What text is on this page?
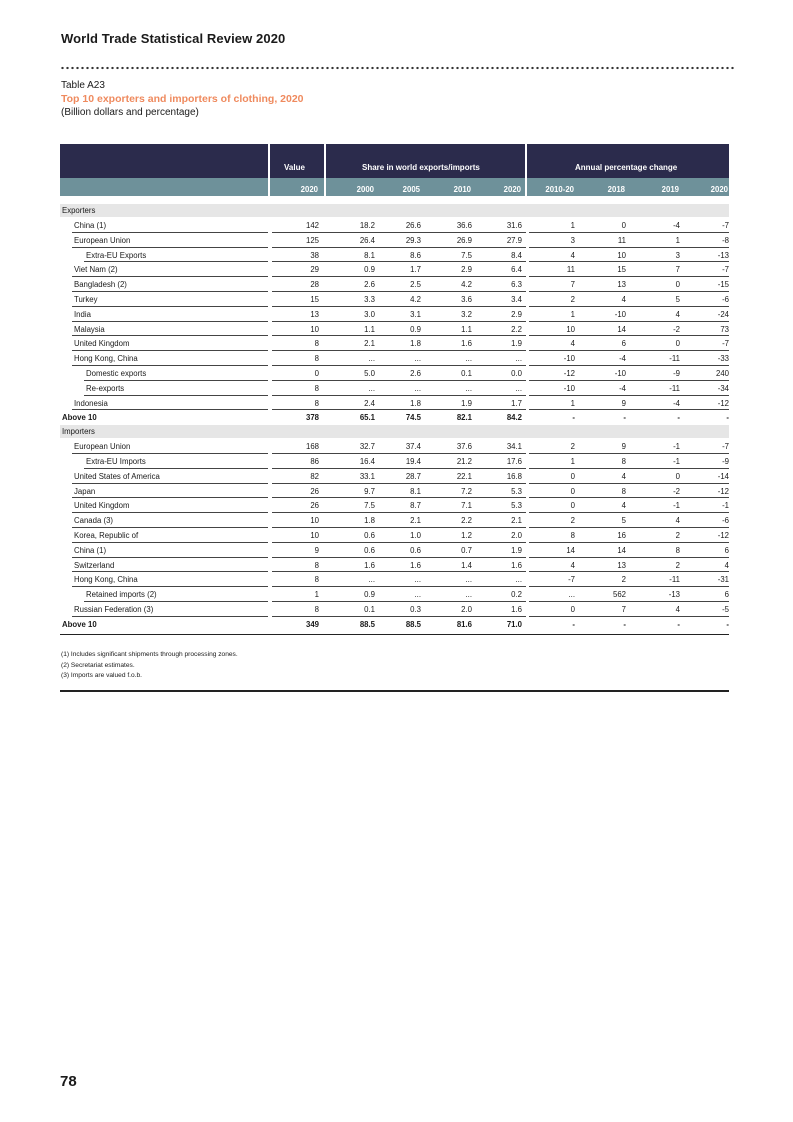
World Trade Statistical Review 2020
Table A23
Top 10 exporters and importers of clothing, 2020
(Billion dollars and percentage)
Value	Share in world exports/imports	Annual percentage change
2020	2000	2005	2010	2020	2010-20	2018	2019	2020
Exporters
China (1)	142	18.2	26.6	36.6	31.6	1	0	-4	-7
European Union	125	26.4	29.3	26.9	27.9	3	11	1	-8
Extra-EU Exports	38	8.1	8.6	7.5	8.4	4	10	3	-13
Viet Nam (2)	29	0.9	1.7	2.9	6.4	11	15	7	-7
Bangladesh (2)	28	2.6	2.5	4.2	6.3	7	13	0	-15
Turkey	15	3.3	4.2	3.6	3.4	2	4	5	-6
India	13	3.0	3.1	3.2	2.9	1	-10	4	-24
Malaysia	10	1.1	0.9	1.1	2.2	10	14	-2	73
United Kingdom	8	2.1	1.8	1.6	1.9	4	6	0	-7
Hong Kong, China	8	...	...	...	...	-10	-4	-11	-33
Domestic exports	0	5.0	2.6	0.1	0.0	-12	-10	-9	240
Re-exports	8	...	...	...	...	-10	-4	-11	-34
Indonesia	8	2.4	1.8	1.9	1.7	1	9	-4	-12
Above 10	378	65.1	74.5	82.1	84.2	-	-	-	-
Importers
European Union	168	32.7	37.4	37.6	34.1	2	9	-1	-7
Extra-EU Imports	86	16.4	19.4	21.2	17.6	1	8	-1	-9
United States of America	82	33.1	28.7	22.1	16.8	0	4	0	-14
Japan	26	9.7	8.1	7.2	5.3	0	8	-2	-12
United Kingdom	26	7.5	8.7	7.1	5.3	0	4	-1	-1
Canada (3)	10	1.8	2.1	2.2	2.1	2	5	4	-6
Korea, Republic of	10	0.6	1.0	1.2	2.0	8	16	2	-12
China (1)	9	0.6	0.6	0.7	1.9	14	14	8	6
Switzerland	8	1.6	1.6	1.4	1.6	4	13	2	4
Hong Kong, China	8	...	...	...	...	-7	2	-11	-31
Retained imports (2)	1	0.9	...	...	0.2	...	562	-13	6
Russian Federation (3)	8	0.1	0.3	2.0	1.6	0	7	4	-5
Above 10	349	88.5	88.5	81.6	71.0	-	-	-	-
(1) Includes significant shipments through processing zones.
(2) Secretariat estimates.
(3) Imports are valued f.o.b.
78
